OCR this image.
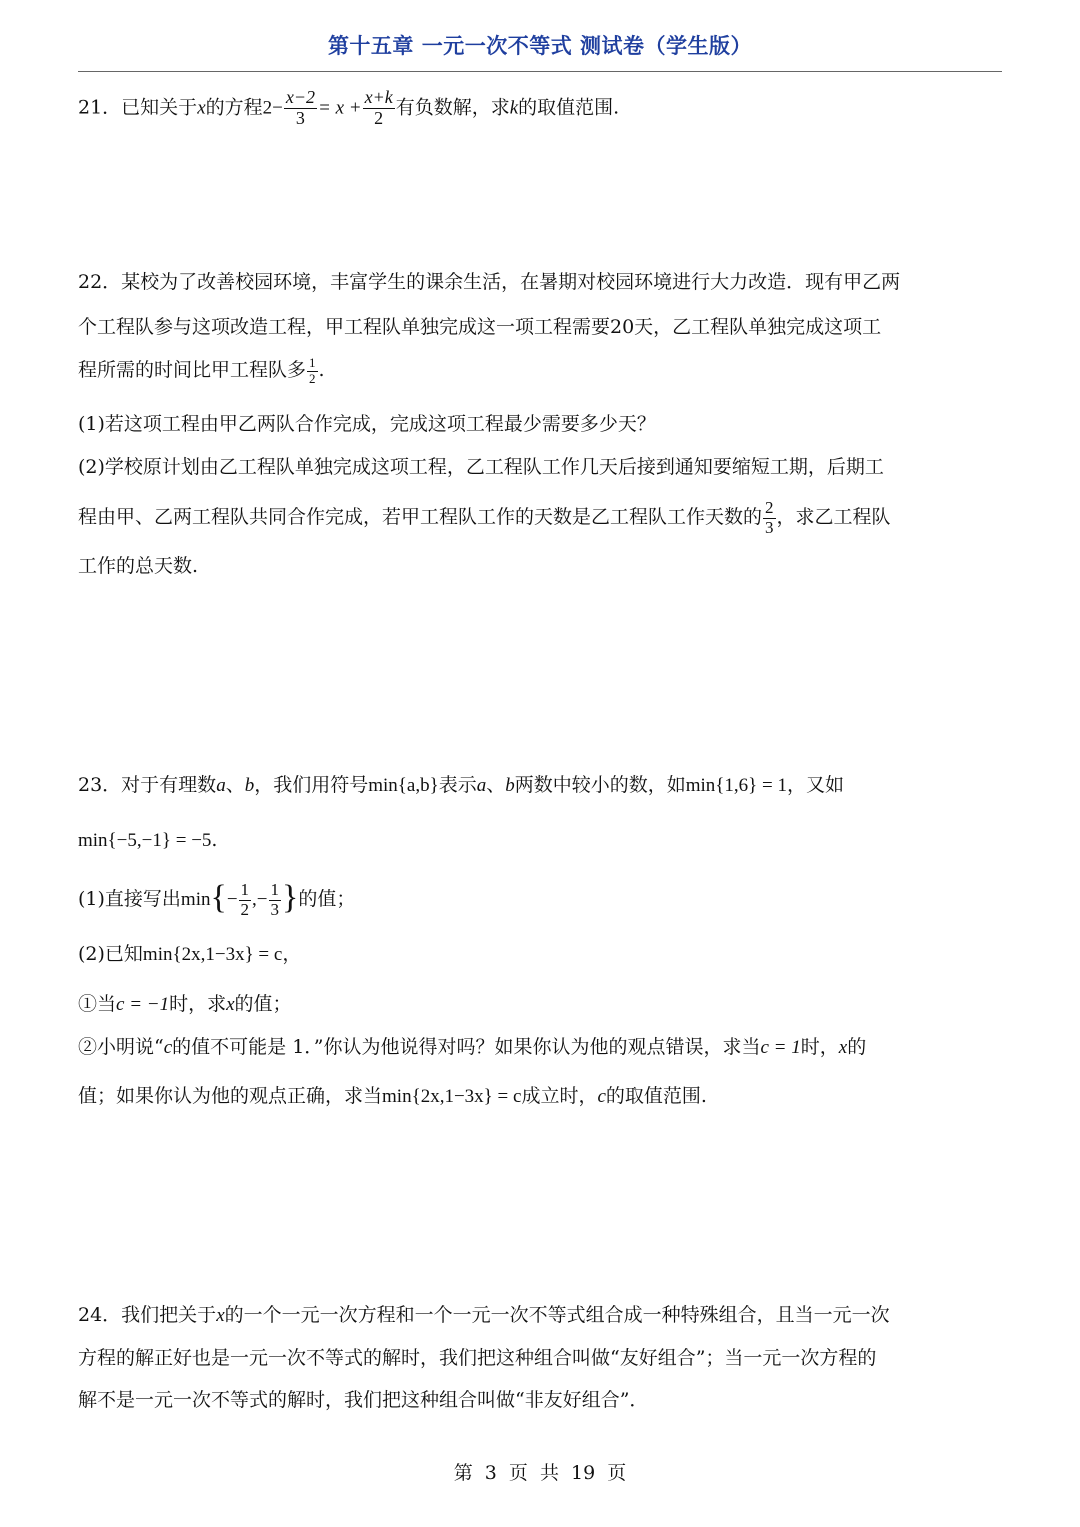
第十五章 一元一次不等式 测试卷（学生版）
21．已知关于x的方程$2- \frac{x-2}{3} = x + \frac{x+k}{2}$ 有负数解，求k的取值范围.
22．某校为了改善校园环境，丰富学生的课余生活，在暑期对校园环境进行大力改造．现有甲乙两
个工程队参与这项改造工程，甲工程队单独完成这一项工程需要20天，乙工程队单独完成这项工
程所需的时间比甲工程队多 $\frac{1}{2}$ .
(1)若这项工程由甲乙两队合作完成，完成这项工程最少需要多少天？
(2)学校原计划由乙工程队单独完成这项工程，乙工程队工作几天后接到通知要缩短工期，后期工
程由甲、乙两工程队共同合作完成，若甲工程队工作的天数是乙工程队工作天数的 $\frac{2}{3}$ ，求乙工程队
工作的总天数.
23．对于有理数a、b，我们用符号min{a,b}表示a、b两数中较小的数，如min{1,6} = 1，又如
min{−5,−1} = −5.
(1)直接写出$\min\{- \frac{1}{2}$ ,− $\frac{1}{3}$ }的值；
(2)已知min{2x,1−3x} = c，
①当c = −1时，求x的值；
②小明说“c的值不可能是 1．”你认为他说得对吗？如果你认为他的观点错误，求当c = 1时，x的
值；如果你认为他的观点正确，求当min{2x,1−3x} = c成立时，c的取值范围.
24．我们把关于x的一个一元一次方程和一个一元一次不等式组合成一种特殊组合，且当一元一次
方程的解正好也是一元一次不等式的解时，我们把这种组合叫做“友好组合”；当一元一次方程的
解不是一元一次不等式的解时，我们把这种组合叫做“非友好组合”．
第 3 页 共 19 页
